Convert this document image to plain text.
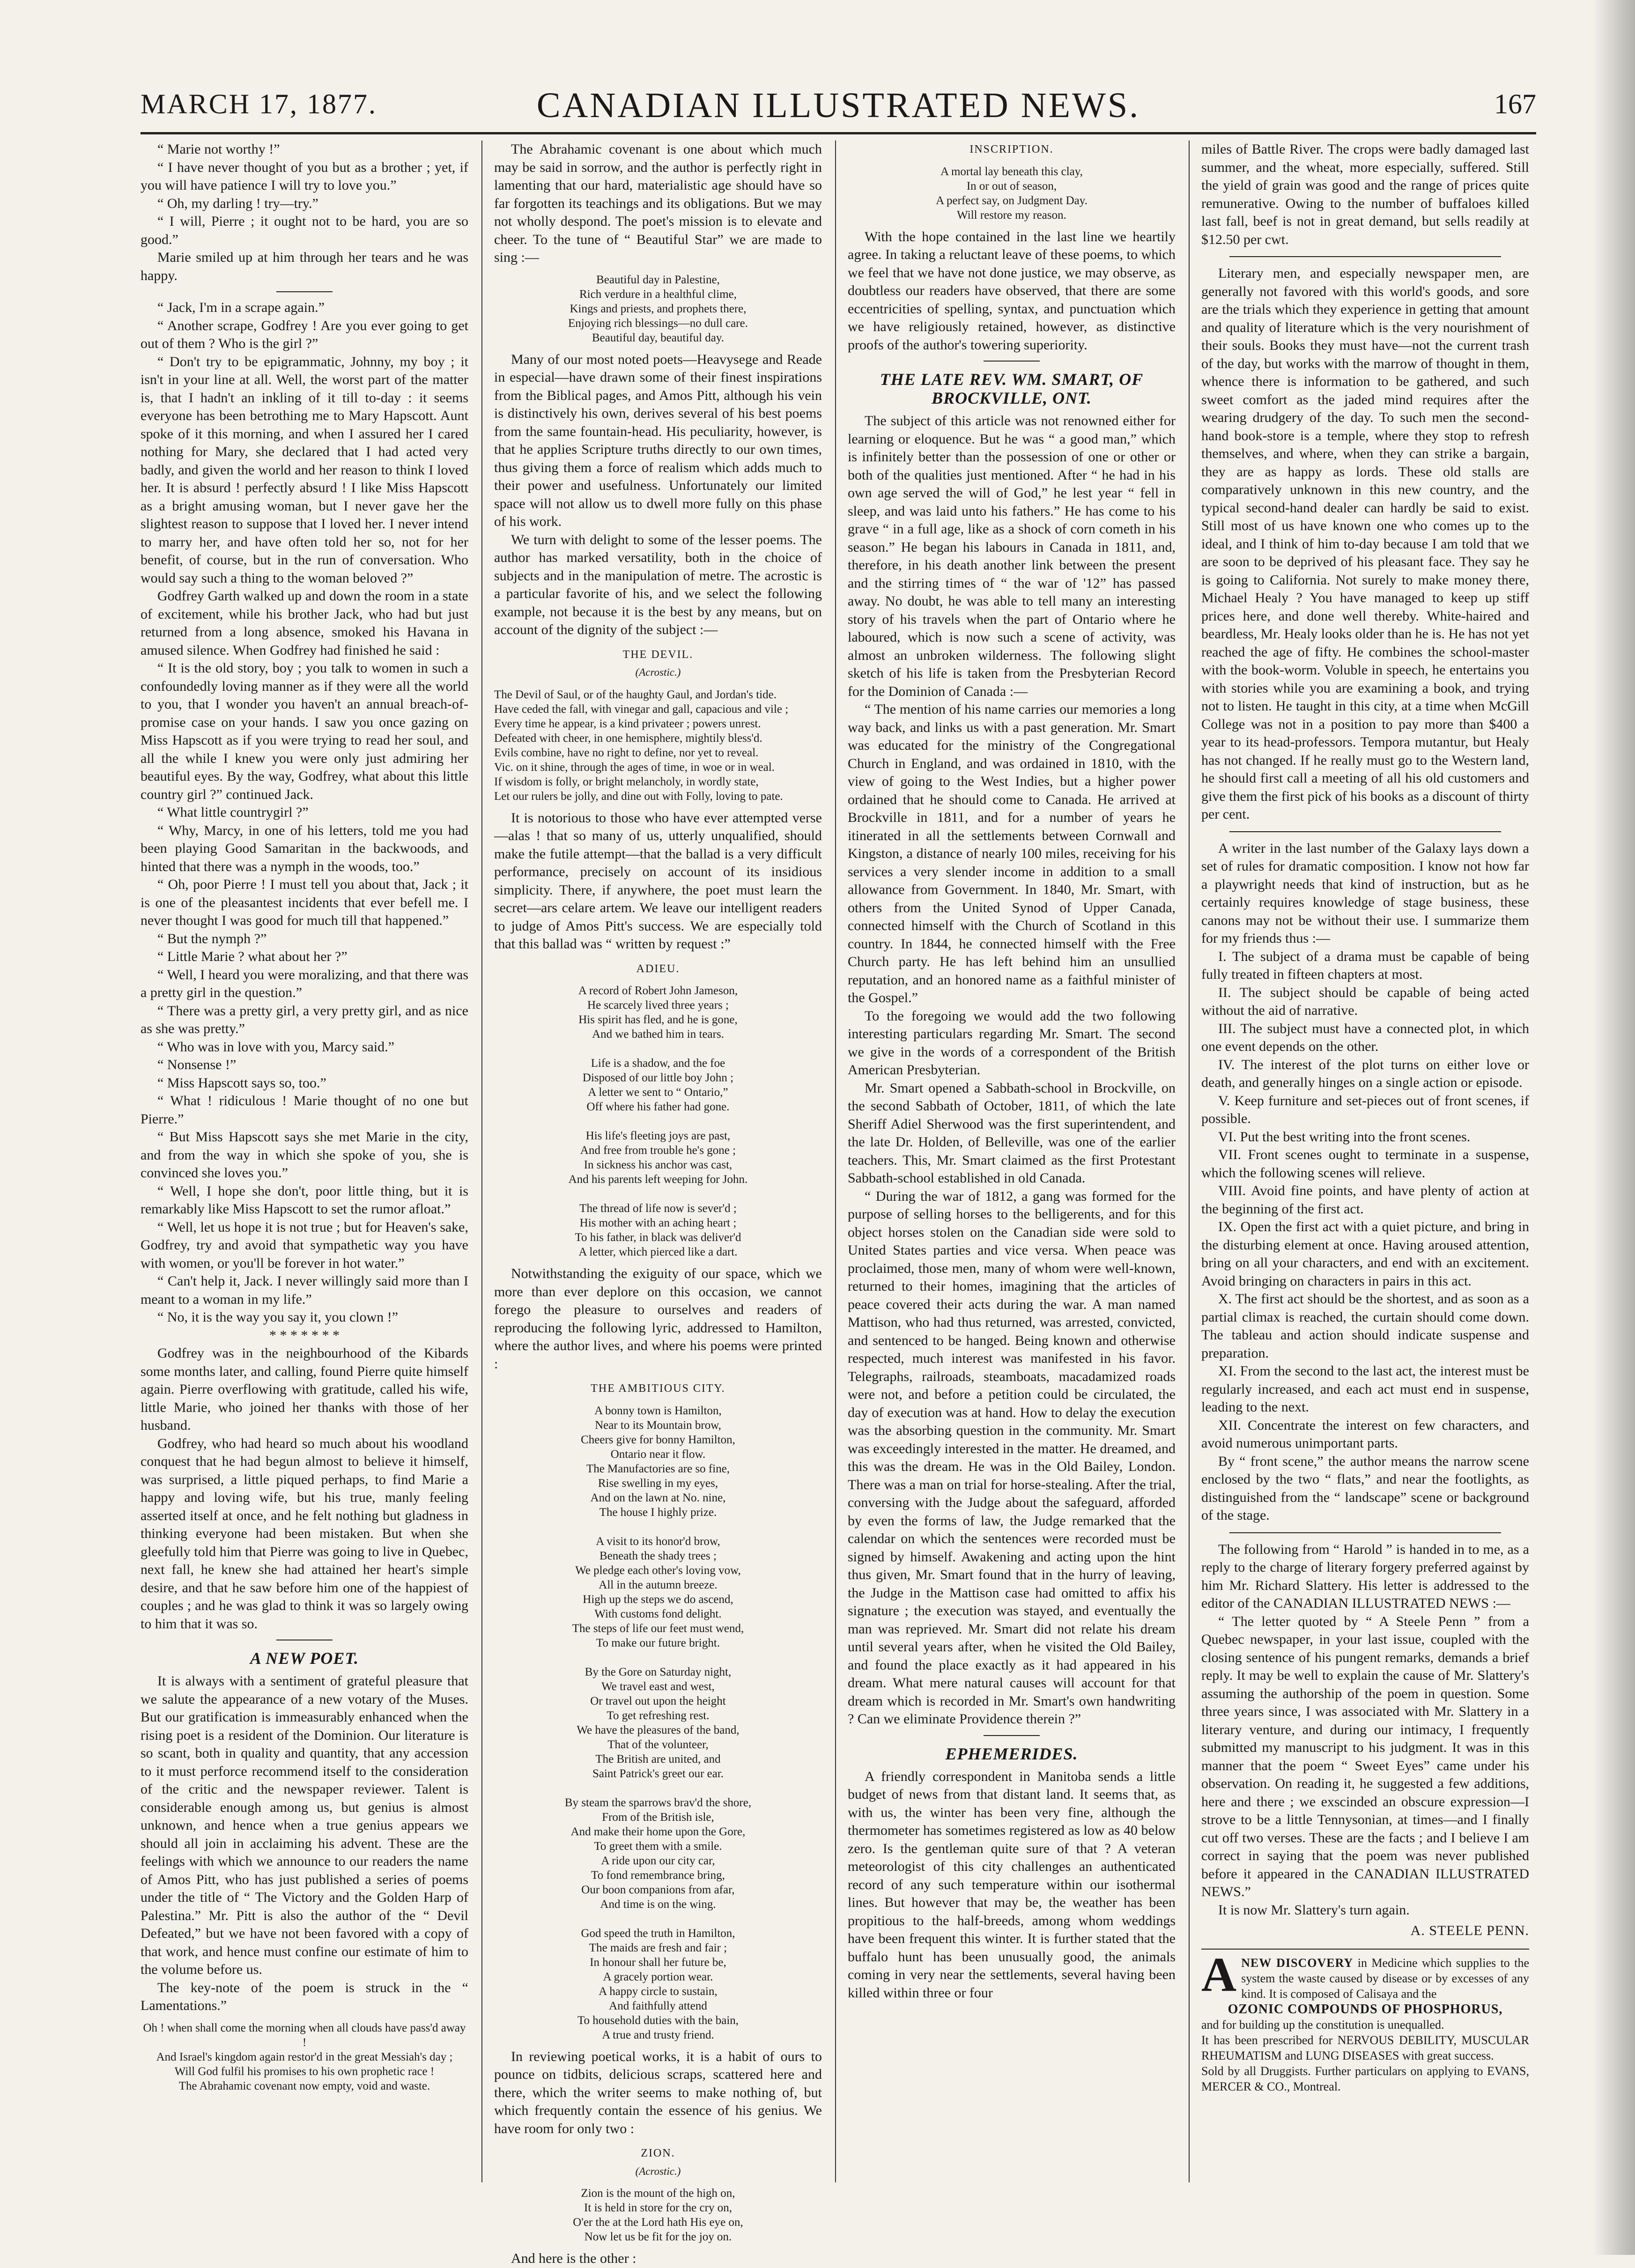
MARCH 17, 1877.	CANADIAN ILLUSTRATED NEWS.	167

“ Marie not worthy !”

“ I have never thought of you but as a brother ; yet, if you will have patience I will try to love you.”

“ Oh, my darling ! try—try.”

“ I will, Pierre ; it ought not to be hard, you are so good.”

Marie smiled up at him through her tears and he was happy.

“ Jack, I'm in a scrape again.”

“ Another scrape, Godfrey ! Are you ever going to get out of them ? Who is the girl ?”

“ Don't try to be epigrammatic, Johnny, my boy ; it isn't in your line at all. Well, the worst part of the matter is, that I hadn't an inkling of it till to-day : it seems everyone has been betrothing me to Mary Hapscott. Aunt spoke of it this morning, and when I assured her I cared nothing for Mary, she declared that I had acted very badly, and given the world and her reason to think I loved her. It is absurd ! perfectly absurd ! I like Miss Hapscott as a bright amusing woman, but I never gave her the slightest reason to suppose that I loved her. I never intend to marry her, and have often told her so, not for her benefit, of course, but in the run of conversation. Who would say such a thing to the woman beloved ?”

Godfrey Garth walked up and down the room in a state of excitement, while his brother Jack, who had but just returned from a long absence, smoked his Havana in amused silence. When Godfrey had finished he said :

“ It is the old story, boy ; you talk to women in such a confoundedly loving manner as if they were all the world to you, that I wonder you haven't an annual breach-of-promise case on your hands. I saw you once gazing on Miss Hapscott as if you were trying to read her soul, and all the while I knew you were only just admiring her beautiful eyes. By the way, Godfrey, what about this little country girl ?” continued Jack.

“ What little countrygirl ?”

“ Why, Marcy, in one of his letters, told me you had been playing Good Samaritan in the backwoods, and hinted that there was a nymph in the woods, too.”

“ Oh, poor Pierre ! I must tell you about that, Jack ; it is one of the pleasantest incidents that ever befell me. I never thought I was good for much till that happened.”

“ But the nymph ?”

“ Little Marie ? what about her ?”

“ Well, I heard you were moralizing, and that there was a pretty girl in the question.”

“ There was a pretty girl, a very pretty girl, and as nice as she was pretty.”

“ Who was in love with you, Marcy said.”

“ Nonsense !”

“ Miss Hapscott says so, too.”

“ What ! ridiculous ! Marie thought of no one but Pierre.”

“ But Miss Hapscott says she met Marie in the city, and from the way in which she spoke of you, she is convinced she loves you.”

“ Well, I hope she don't, poor little thing, but it is remarkably like Miss Hapscott to set the rumor afloat.”

“ Well, let us hope it is not true ; but for Heaven's sake, Godfrey, try and avoid that sympathetic way you have with women, or you'll be forever in hot water.”

“ Can't help it, Jack. I never willingly said more than I meant to a woman in my life.”

“ No, it is the way you say it, you clown !”

* * * * * * *

Godfrey was in the neighbourhood of the Kibards some months later, and calling, found Pierre quite himself again. Pierre overflowing with gratitude, called his wife, little Marie, who joined her thanks with those of her husband.

Godfrey, who had heard so much about his woodland conquest that he had begun almost to believe it himself, was surprised, a little piqued perhaps, to find Marie a happy and loving wife, but his true, manly feeling asserted itself at once, and he felt nothing but gladness in thinking everyone had been mistaken. But when she gleefully told him that Pierre was going to live in Quebec, next fall, he knew she had attained her heart's simple desire, and that he saw before him one of the happiest of couples ; and he was glad to think it was so largely owing to him that it was so.

A NEW POET.

It is always with a sentiment of grateful pleasure that we salute the appearance of a new votary of the Muses. But our gratification is immeasurably enhanced when the rising poet is a resident of the Dominion. Our literature is so scant, both in quality and quantity, that any accession to it must perforce recommend itself to the consideration of the critic and the newspaper reviewer. Talent is considerable enough among us, but genius is almost unknown, and hence when a true genius appears we should all join in acclaiming his advent. These are the feelings with which we announce to our readers the name of Amos Pitt, who has just published a series of poems under the title of “ The Victory and the Golden Harp of Palestina.” Mr. Pitt is also the author of the “ Devil Defeated,” but we have not been favored with a copy of that work, and hence must confine our estimate of him to the volume before us.

The key-note of the poem is struck in the “ Lamentations.”

Oh ! when shall come the morning when all clouds have pass'd away !
And Israel's kingdom again restor'd in the great Messiah's day ;
Will God fulfil his promises to his own prophetic race !
The Abrahamic covenant now empty, void and waste.

The Abrahamic covenant is one about which much may be said in sorrow, and the author is perfectly right in lamenting that our hard, materialistic age should have so far forgotten its teachings and its obligations. But we may not wholly despond. The poet's mission is to elevate and cheer. To the tune of “ Beautiful Star” we are made to sing :—

Beautiful day in Palestine,
Rich verdure in a healthful clime,
Kings and priests, and prophets there,
Enjoying rich blessings—no dull care.
Beautiful day, beautiful day.

Many of our most noted poets—Heavysege and Reade in especial—have drawn some of their finest inspirations from the Biblical pages, and Amos Pitt, although his vein is distinctively his own, derives several of his best poems from the same fountain-head. His peculiarity, however, is that he applies Scripture truths directly to our own times, thus giving them a force of realism which adds much to their power and usefulness. Unfortunately our limited space will not allow us to dwell more fully on this phase of his work.

We turn with delight to some of the lesser poems. The author has marked versatility, both in the choice of subjects and in the manipulation of metre. The acrostic is a particular favorite of his, and we select the following example, not because it is the best by any means, but on account of the dignity of the subject :—

THE DEVIL.
(Acrostic.)
The Devil of Saul, or of the haughty Gaul, and Jordan's tide.
Have ceded the fall, with vinegar and gall, capacious and vile ;
Every time he appear, is a kind privateer ; powers unrest.
Defeated with cheer, in one hemisphere, mightily bless'd.
Evils combine, have no right to define, nor yet to reveal.
Vic. on it shine, through the ages of time, in woe or in weal.
If wisdom is folly, or bright melancholy, in wordly state,
Let our rulers be jolly, and dine out with Folly, loving to pate.

It is notorious to those who have ever attempted verse—alas ! that so many of us, utterly unqualified, should make the futile attempt—that the ballad is a very difficult performance, precisely on account of its insidious simplicity. There, if anywhere, the poet must learn the secret—ars celare artem. We leave our intelligent readers to judge of Amos Pitt's success. We are especially told that this ballad was “ written by request :”

ADIEU.
A record of Robert John Jameson,
He scarcely lived three years ;
His spirit has fled, and he is gone,
And we bathed him in tears.

Life is a shadow, and the foe
Disposed of our little boy John ;
A letter we sent to “ Ontario,”
Off where his father had gone.

His life's fleeting joys are past,
And free from trouble he's gone ;
In sickness his anchor was cast,
And his parents left weeping for John.

The thread of life now is sever'd ;
His mother with an aching heart ;
To his father, in black was deliver'd
A letter, which pierced like a dart.

Notwithstanding the exiguity of our space, which we more than ever deplore on this occasion, we cannot forego the pleasure to ourselves and readers of reproducing the following lyric, addressed to Hamilton, where the author lives, and where his poems were printed :

THE AMBITIOUS CITY.
A bonny town is Hamilton,
Near to its Mountain brow,
Cheers give for bonny Hamilton,
Ontario near it flow.
The Manufactories are so fine,
Rise swelling in my eyes,
And on the lawn at No. nine,
The house I highly prize.

A visit to its honor'd brow,
Beneath the shady trees ;
We pledge each other's loving vow,
All in the autumn breeze.
High up the steps we do ascend,
With customs fond delight.
The steps of life our feet must wend,
To make our future bright.

By the Gore on Saturday night,
We travel east and west,
Or travel out upon the height
To get refreshing rest.
We have the pleasures of the band,
That of the volunteer,
The British are united, and
Saint Patrick's greet our ear.

By steam the sparrows brav'd the shore,
From of the British isle,
And make their home upon the Gore,
To greet them with a smile.
A ride upon our city car,
To fond remembrance bring,
Our boon companions from afar,
And time is on the wing.

God speed the truth in Hamilton,
The maids are fresh and fair ;
In honour shall her future be,
A gracely portion wear.
A happy circle to sustain,
And faithfully attend
To household duties with the bain,
A true and trusty friend.

In reviewing poetical works, it is a habit of ours to pounce on tidbits, delicious scraps, scattered here and there, which the writer seems to make nothing of, but which frequently contain the essence of his genius. We have room for only two :

ZION.
(Acrostic.)
Zion is the mount of the high on,
It is held in store for the cry on,
O'er the at the Lord hath His eye on,
Now let us be fit for the joy on.

And here is the other :

INSCRIPTION.
A mortal lay beneath this clay,
In or out of season,
A perfect say, on Judgment Day.
Will restore my reason.

With the hope contained in the last line we heartily agree. In taking a reluctant leave of these poems, to which we feel that we have not done justice, we may observe, as doubtless our readers have observed, that there are some eccentricities of spelling, syntax, and punctuation which we have religiously retained, however, as distinctive proofs of the author's towering superiority.

THE LATE REV. WM. SMART, OF BROCKVILLE, ONT.

The subject of this article was not renowned either for learning or eloquence. But he was “ a good man,” which is infinitely better than the possession of one or other or both of the qualities just mentioned. After “ he had in his own age served the will of God,” he lest year “ fell in sleep, and was laid unto his fathers.” He has come to his grave “ in a full age, like as a shock of corn cometh in his season.” He began his labours in Canada in 1811, and, therefore, in his death another link between the present and the stirring times of “ the war of '12” has passed away. No doubt, he was able to tell many an interesting story of his travels when the part of Ontario where he laboured, which is now such a scene of activity, was almost an unbroken wilderness. The following slight sketch of his life is taken from the Presbyterian Record for the Dominion of Canada :—

“ The mention of his name carries our memories a long way back, and links us with a past generation. Mr. Smart was educated for the ministry of the Congregational Church in England, and was ordained in 1810, with the view of going to the West Indies, but a higher power ordained that he should come to Canada. He arrived at Brockville in 1811, and for a number of years he itinerated in all the settlements between Cornwall and Kingston, a distance of nearly 100 miles, receiving for his services a very slender income in addition to a small allowance from Government. In 1840, Mr. Smart, with others from the United Synod of Upper Canada, connected himself with the Church of Scotland in this country. In 1844, he connected himself with the Free Church party. He has left behind him an unsullied reputation, and an honored name as a faithful minister of the Gospel.”

To the foregoing we would add the two following interesting particulars regarding Mr. Smart. The second we give in the words of a correspondent of the British American Presbyterian.

Mr. Smart opened a Sabbath-school in Brockville, on the second Sabbath of October, 1811, of which the late Sheriff Adiel Sherwood was the first superintendent, and the late Dr. Holden, of Belleville, was one of the earlier teachers. This, Mr. Smart claimed as the first Protestant Sabbath-school established in old Canada.

“ During the war of 1812, a gang was formed for the purpose of selling horses to the belligerents, and for this object horses stolen on the Canadian side were sold to United States parties and vice versa. When peace was proclaimed, those men, many of whom were well-known, returned to their homes, imagining that the articles of peace covered their acts during the war. A man named Mattison, who had thus returned, was arrested, convicted, and sentenced to be hanged. Being known and otherwise respected, much interest was manifested in his favor. Telegraphs, railroads, steamboats, macadamized roads were not, and before a petition could be circulated, the day of execution was at hand. How to delay the execution was the absorbing question in the community. Mr. Smart was exceedingly interested in the matter. He dreamed, and this was the dream. He was in the Old Bailey, London. There was a man on trial for horse-stealing. After the trial, conversing with the Judge about the safeguard, afforded by even the forms of law, the Judge remarked that the calendar on which the sentences were recorded must be signed by himself. Awakening and acting upon the hint thus given, Mr. Smart found that in the hurry of leaving, the Judge in the Mattison case had omitted to affix his signature ; the execution was stayed, and eventually the man was reprieved. Mr. Smart did not relate his dream until several years after, when he visited the Old Bailey, and found the place exactly as it had appeared in his dream. What mere natural causes will account for that dream which is recorded in Mr. Smart's own handwriting ? Can we eliminate Providence therein ?”

EPHEMERIDES.

A friendly correspondent in Manitoba sends a little budget of news from that distant land. It seems that, as with us, the winter has been very fine, although the thermometer has sometimes registered as low as 40 below zero. Is the gentleman quite sure of that ? A veteran meteorologist of this city challenges an authenticated record of any such temperature within our isothermal lines. But however that may be, the weather has been propitious to the half-breeds, among whom weddings have been frequent this winter. It is further stated that the buffalo hunt has been unusually good, the animals coming in very near the settlements, several having been killed within three or four

miles of Battle River. The crops were badly damaged last summer, and the wheat, more especially, suffered. Still the yield of grain was good and the range of prices quite remunerative. Owing to the number of buffaloes killed last fall, beef is not in great demand, but sells readily at $12.50 per cwt.

Literary men, and especially newspaper men, are generally not favored with this world's goods, and sore are the trials which they experience in getting that amount and quality of literature which is the very nourishment of their souls. Books they must have—not the current trash of the day, but works with the marrow of thought in them, whence there is information to be gathered, and such sweet comfort as the jaded mind requires after the wearing drudgery of the day. To such men the second-hand book-store is a temple, where they stop to refresh themselves, and where, when they can strike a bargain, they are as happy as lords. These old stalls are comparatively unknown in this new country, and the typical second-hand dealer can hardly be said to exist. Still most of us have known one who comes up to the ideal, and I think of him to-day because I am told that we are soon to be deprived of his pleasant face. They say he is going to California. Not surely to make money there, Michael Healy ? You have managed to keep up stiff prices here, and done well thereby. White-haired and beardless, Mr. Healy looks older than he is. He has not yet reached the age of fifty. He combines the school-master with the book-worm. Voluble in speech, he entertains you with stories while you are examining a book, and trying not to listen. He taught in this city, at a time when McGill College was not in a position to pay more than $400 a year to its head-professors. Tempora mutantur, but Healy has not changed. If he really must go to the Western land, he should first call a meeting of all his old customers and give them the first pick of his books as a discount of thirty per cent.

A writer in the last number of the Galaxy lays down a set of rules for dramatic composition. I know not how far a playwright needs that kind of instruction, but as he certainly requires knowledge of stage business, these canons may not be without their use. I summarize them for my friends thus :—

I. The subject of a drama must be capable of being fully treated in fifteen chapters at most.

II. The subject should be capable of being acted without the aid of narrative.

III. The subject must have a connected plot, in which one event depends on the other.

IV. The interest of the plot turns on either love or death, and generally hinges on a single action or episode.

V. Keep furniture and set-pieces out of front scenes, if possible.

VI. Put the best writing into the front scenes.

VII. Front scenes ought to terminate in a suspense, which the following scenes will relieve.

VIII. Avoid fine points, and have plenty of action at the beginning of the first act.

IX. Open the first act with a quiet picture, and bring in the disturbing element at once. Having aroused attention, bring on all your characters, and end with an excitement. Avoid bringing on characters in pairs in this act.

X. The first act should be the shortest, and as soon as a partial climax is reached, the curtain should come down. The tableau and action should indicate suspense and preparation.

XI. From the second to the last act, the interest must be regularly increased, and each act must end in suspense, leading to the next.

XII. Concentrate the interest on few characters, and avoid numerous unimportant parts.

By “ front scene,” the author means the narrow scene enclosed by the two “ flats,” and near the footlights, as distinguished from the “ landscape” scene or background of the stage.

The following from “ Harold ” is handed in to me, as a reply to the charge of literary forgery preferred against by him Mr. Richard Slattery. His letter is addressed to the editor of the CANADIAN ILLUSTRATED NEWS :—

“ The letter quoted by “ A Steele Penn ” from a Quebec newspaper, in your last issue, coupled with the closing sentence of his pungent remarks, demands a brief reply. It may be well to explain the cause of Mr. Slattery's assuming the authorship of the poem in question. Some three years since, I was associated with Mr. Slattery in a literary venture, and during our intimacy, I frequently submitted my manuscript to his judgment. It was in this manner that the poem “ Sweet Eyes” came under his observation. On reading it, he suggested a few additions, here and there ; we exscinded an obscure expression—I strove to be a little Tennysonian, at times—and I finally cut off two verses. These are the facts ; and I believe I am correct in saying that the poem was never published before it appeared in the CANADIAN ILLUSTRATED NEWS.”

It is now Mr. Slattery's turn again.

A. STEELE PENN.
A NEW DISCOVERY in Medicine which supplies to the system the waste caused by disease or by excesses of any kind. It is composed of Calisaya and the
OZONIC COMPOUNDS OF PHOSPHORUS,
and for building up the constitution is unequalled.
It has been prescribed for NERVOUS DEBILITY, MUSCULAR RHEUMATISM and LUNG DISEASES with great success.
Sold by all Druggists. Further particulars on applying to EVANS, MERCER & CO., Montreal.
